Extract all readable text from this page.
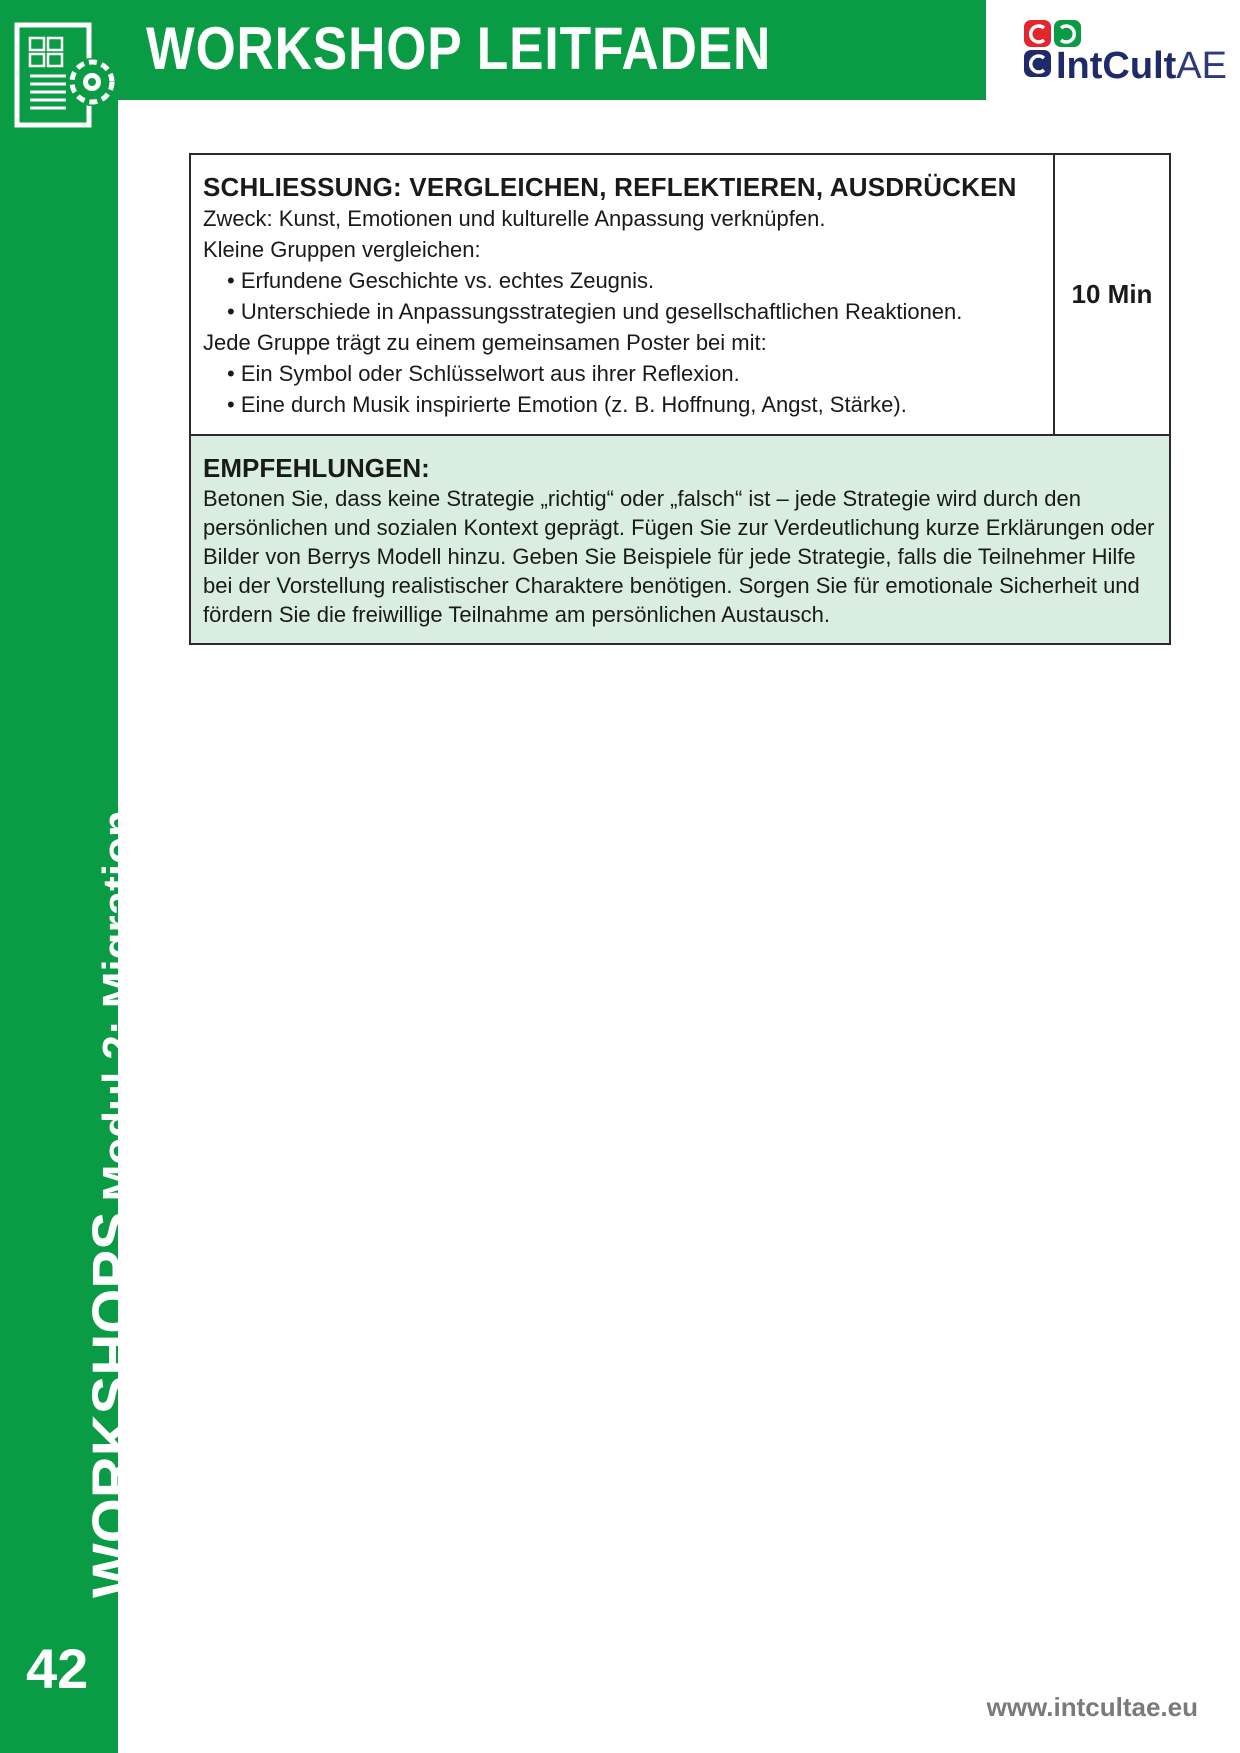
WORKSHOP LEITFADEN	IntCultAE
WORKSHOPSModul 2: Migration
42

SCHLIESSUNG: VERGLEICHEN, REFLEKTIEREN, AUSDRÜCKEN

Zweck: Kunst, Emotionen und kulturelle Anpassung verknüpfen.

Kleine Gruppen vergleichen:

• Erfundene Geschichte vs. echtes Zeugnis.

• Unterschiede in Anpassungsstrategien und gesellschaftlichen Reaktionen.

Jede Gruppe trägt zu einem gemeinsamen Poster bei mit:

• Ein Symbol oder Schlüsselwort aus ihrer Reflexion.

• Eine durch Musik inspirierte Emotion (z. B. Hoffnung, Angst, Stärke).

	10 Min

EMPFEHLUNGEN:

Betonen Sie, dass keine Strategie „richtig“ oder „falsch“ ist – jede Strategie wird durch den persönlichen und sozialen Kontext geprägt. Fügen Sie zur Verdeutlichung kurze Erklärungen oder Bilder von Berrys Modell hinzu. Geben Sie Beispiele für jede Strategie, falls die Teilnehmer Hilfe bei der Vorstellung realistischer Charaktere benötigen. Sorgen Sie für emotionale Sicherheit und fördern Sie die freiwillige Teilnahme am persönlichen Austausch.

www.intcultae.eu
